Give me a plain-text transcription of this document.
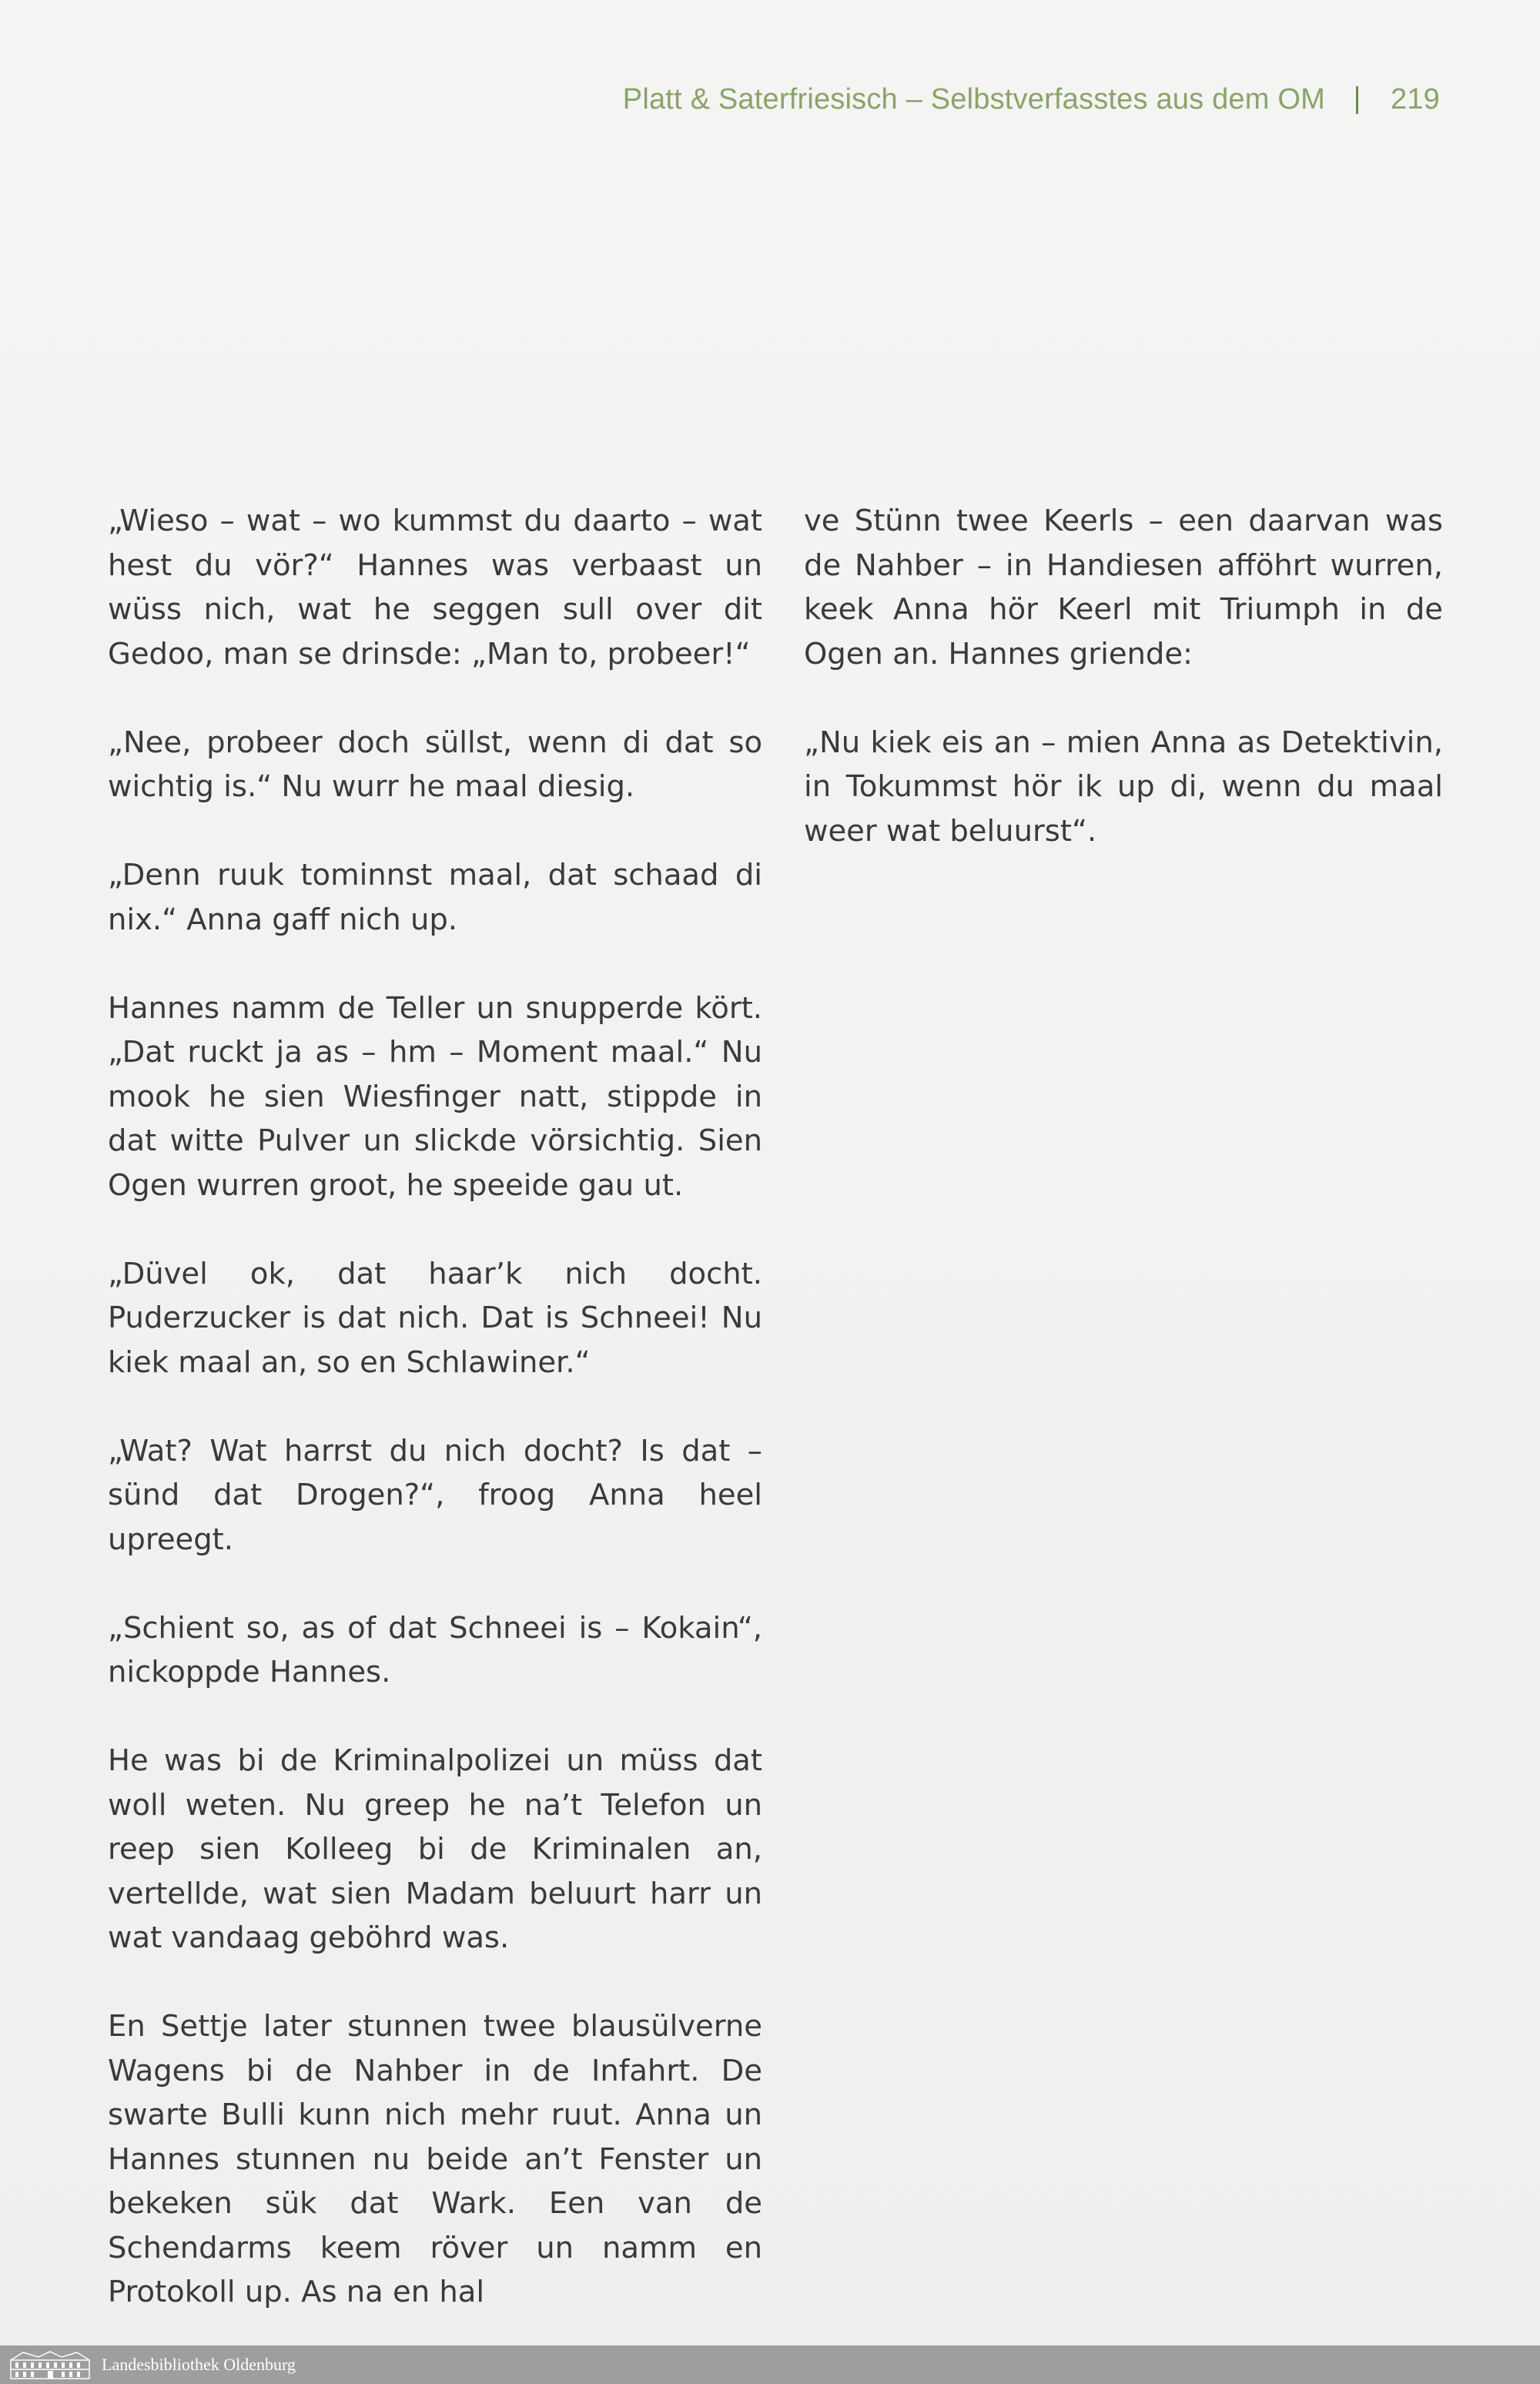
Platt & Saterfriesisch – Selbstverfasstes aus dem OM 219

„Wieso – wat – wo kummst du daarto – wat hest du vör?“ Hannes was verbaast un wüss nich, wat he seggen sull over dit Gedoo, man se drinsde: „Man to, probeer!“

„Nee, probeer doch süllst, wenn di dat so wichtig is.“ Nu wurr he maal diesig.

„Denn ruuk tominnst maal, dat schaad di nix.“ Anna gaff nich up.

Hannes namm de Teller un snupperde kört. „Dat ruckt ja as – hm – Moment maal.“ Nu mook he sien Wiesfinger natt, stippde in dat witte Pulver un slickde vörsichtig. Sien Ogen wurren groot, he speeide gau ut.

„Düvel ok, dat haar’k nich docht. Puderzucker is dat nich. Dat is Schneei! Nu kiek maal an, so en Schlawiner.“

„Wat? Wat harrst du nich docht? Is dat – sünd dat Drogen?“, froog Anna heel upreegt.

„Schient so, as of dat Schneei is – Kokain“, nickoppde Hannes.

He was bi de Kriminalpolizei un müss dat woll weten. Nu greep he na’t Telefon un reep sien Kolleeg bi de Kriminalen an, vertellde, wat sien Madam beluurt harr un wat vandaag geböhrd was.

En Settje later stunnen twee blausülverne Wagens bi de Nahber in de Infahrt. De swarte Bulli kunn nich mehr ruut. Anna un Hannes stunnen nu beide an’t Fenster un bekeken sük dat Wark. Een van de Schendarms keem röver un namm en Protokoll up. As na en hal

ve Stünn twee Keerls – een daarvan was de Nahber – in Handiesen afföhrt wurren, keek Anna hör Keerl mit Triumph in de Ogen an. Hannes griende:

„Nu kiek eis an – mien Anna as Detektivin, in Tokummst hör ik up di, wenn du maal weer wat beluurst“.

Landesbibliothek Oldenburg
